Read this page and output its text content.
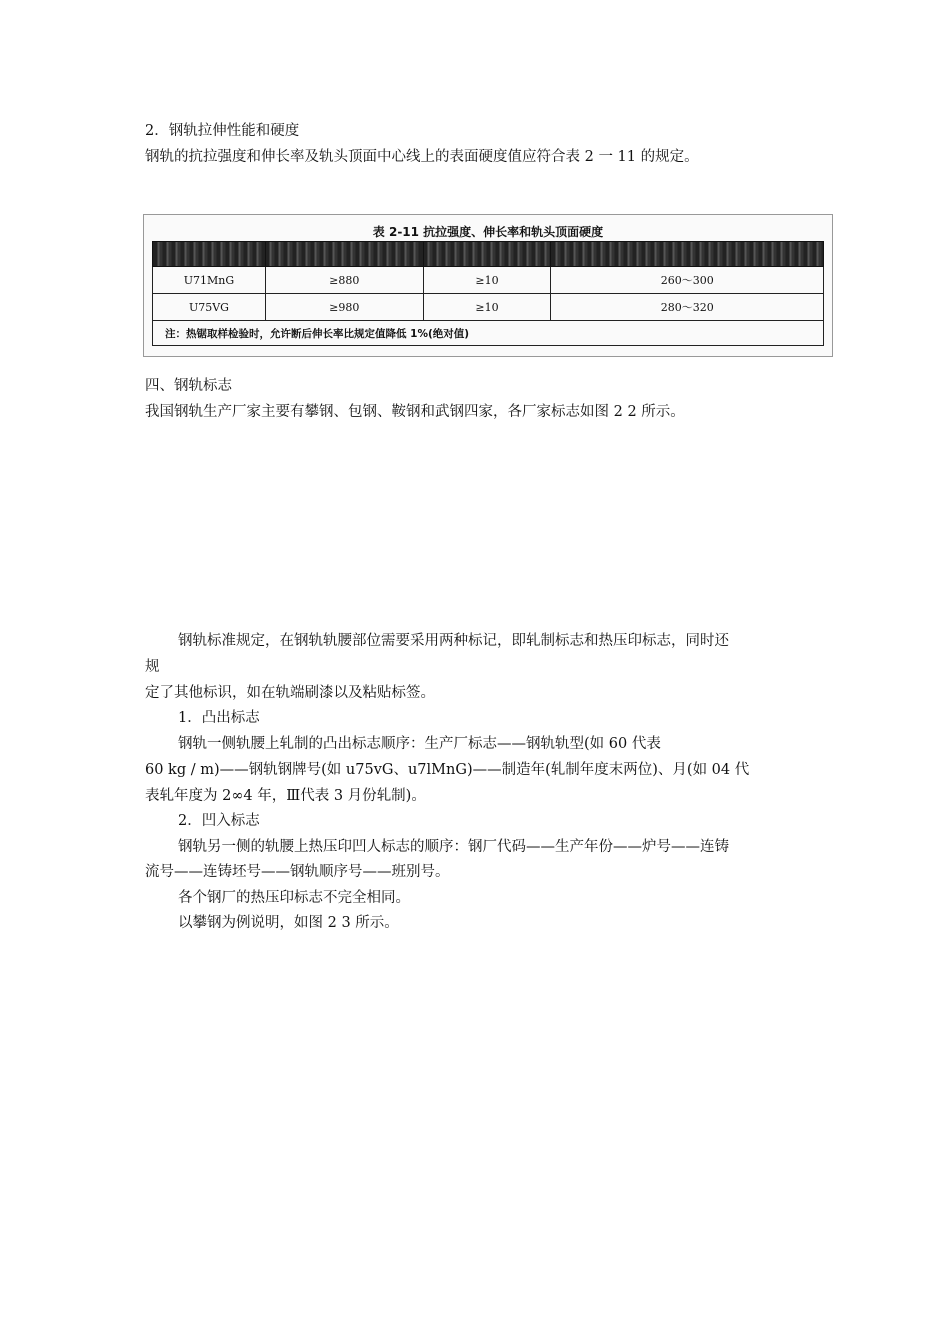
2．钢轨拉伸性能和硬度
钢轨的抗拉强度和伸长率及轨头顶面中心线上的表面硬度值应符合表 2 一 11 的规定。
表 2-11 抗拉强度、伸长率和轨头顶面硬度

U71MnG	≥880	≥10	260～300
U75VG	≥980	≥10	280～320
注：热锯取样检验时，允许断后伸长率比规定值降低 1%(绝对值)			
四、钢轨标志
我国钢轨生产厂家主要有攀钢、包钢、鞍钢和武钢四家，各厂家标志如图 2 2 所示。
钢轨标准规定，在钢轨轨腰部位需要采用两种标记，即轧制标志和热压印标志，同时还
规
定了其他标识，如在轨端刷漆以及粘贴标签。
1．凸出标志
钢轨一侧轨腰上轧制的凸出标志顺序：生产厂标志——钢轨轨型(如 60 代表
60 kg / m)——钢轨钢牌号(如 u75vG、u7lMnG)——制造年(轧制年度末两位)、月(如 04 代
表轧年度为 2∞4 年，Ⅲ代表 3 月份轧制)。
2．凹入标志
钢轨另一侧的轨腰上热压印凹人标志的顺序：钢厂代码——生产年份——炉号——连铸
流号——连铸坯号——钢轨顺序号——班别号。
各个钢厂的热压印标志不完全相同。
以攀钢为例说明，如图 2 3 所示。
